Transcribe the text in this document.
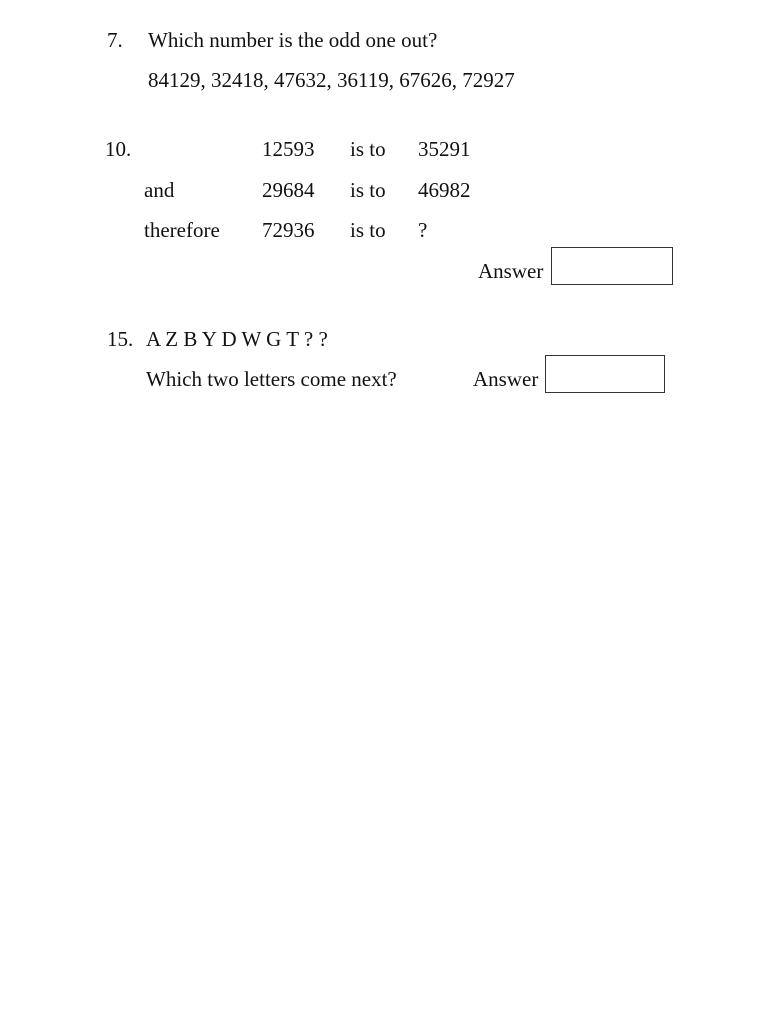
7. Which number is the odd one out?
84129, 32418, 47632, 36119, 67626, 72927
10.	12593 is to 35291
and	29684 is to 46982
therefore 72936 is to ?
Answer
15. A Z B Y D W G T ? ?
Which two letters come next?	Answer
